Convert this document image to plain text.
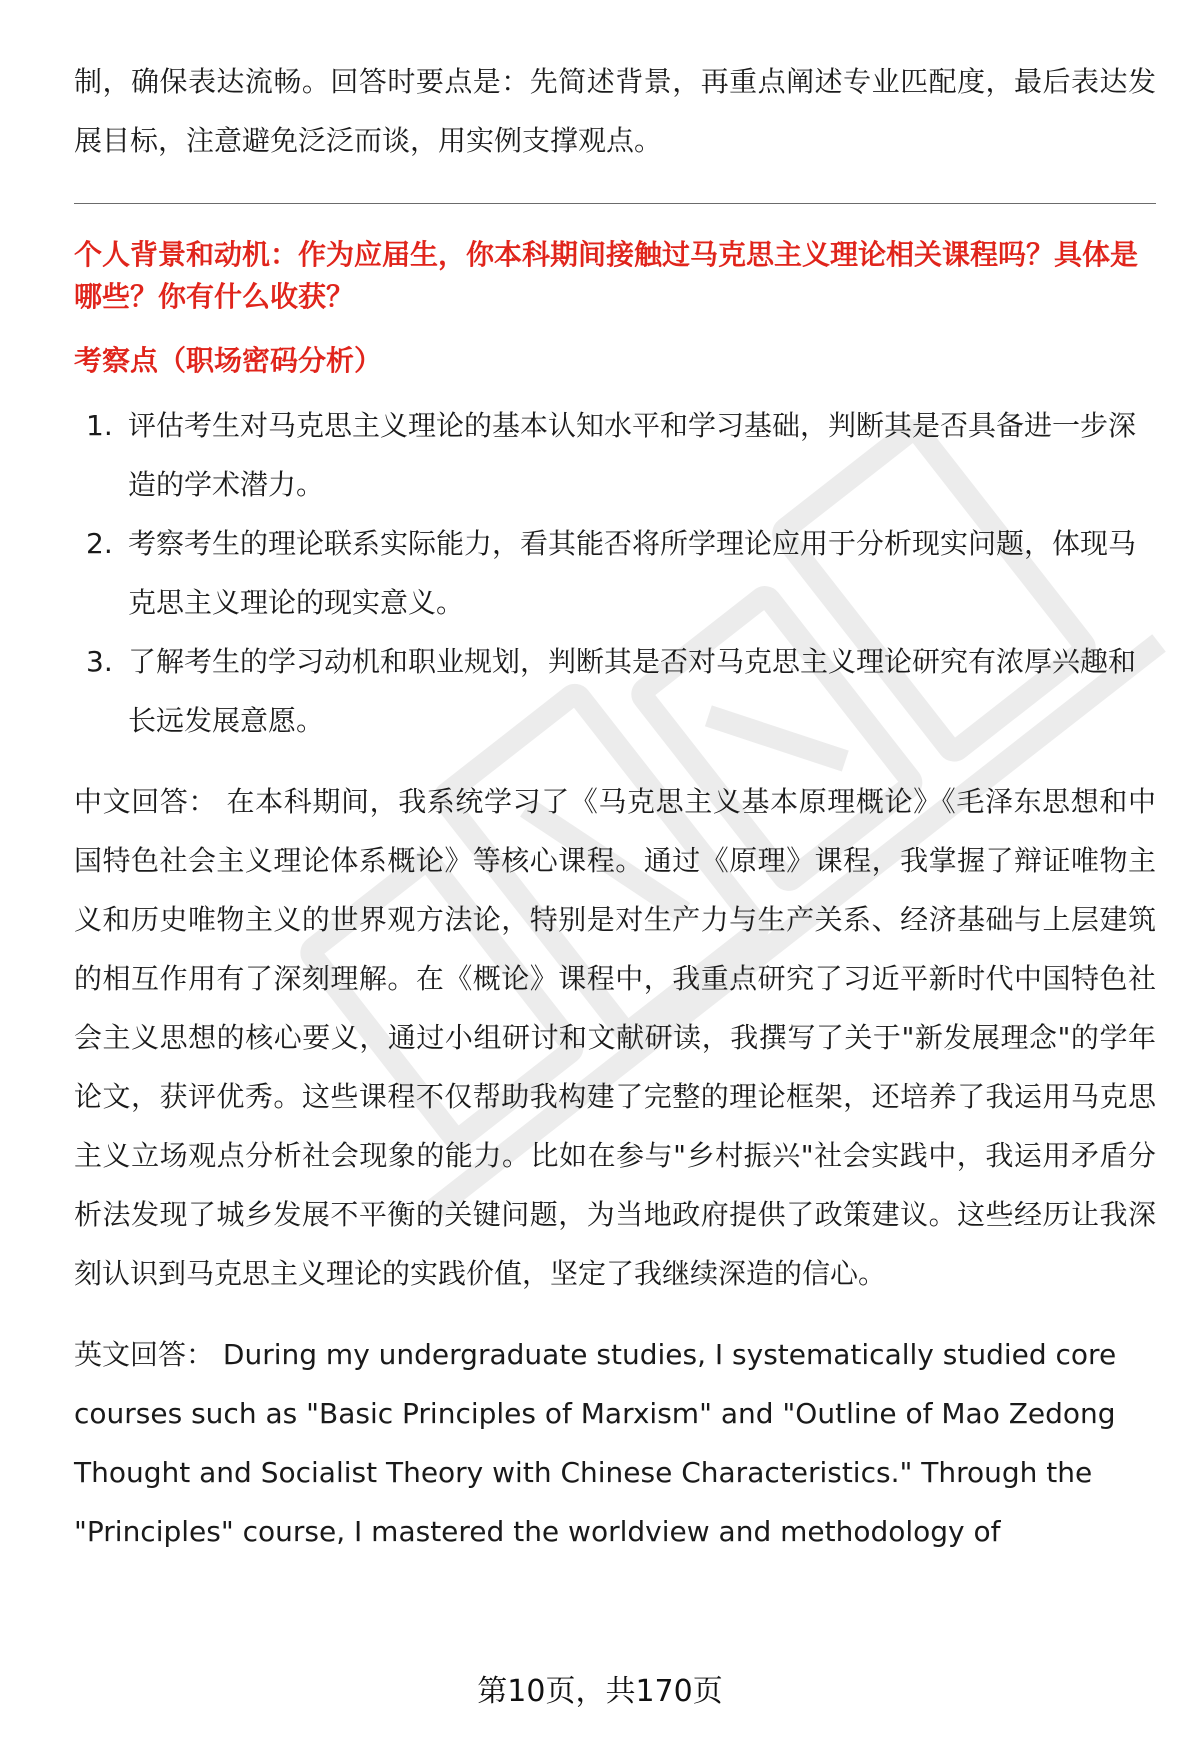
制，确保表达流畅。回答时要点是：先简述背景，再重点阐述专业匹配度，最后表达发展目标，注意避免泛泛而谈，用实例支撑观点。

个人背景和动机：作为应届生，你本科期间接触过马克思主义理论相关课程吗？具体是哪些？你有什么收获？

考察点（职场密码分析）

1. 评估考生对马克思主义理论的基本认知水平和学习基础，判断其是否具备进一步深造的学术潜力。
2. 考察考生的理论联系实际能力，看其能否将所学理论应用于分析现实问题，体现马克思主义理论的现实意义。
3. 了解考生的学习动机和职业规划，判断其是否对马克思主义理论研究有浓厚兴趣和长远发展意愿。

中文回答： 在本科期间，我系统学习了《马克思主义基本原理概论》《毛泽东思想和中国特色社会主义理论体系概论》等核心课程。通过《原理》课程，我掌握了辩证唯物主义和历史唯物主义的世界观方法论，特别是对生产力与生产关系、经济基础与上层建筑的相互作用有了深刻理解。在《概论》课程中，我重点研究了习近平新时代中国特色社会主义思想的核心要义，通过小组研讨和文献研读，我撰写了关于"新发展理念"的学年论文，获评优秀。这些课程不仅帮助我构建了完整的理论框架，还培养了我运用马克思主义立场观点分析社会现象的能力。比如在参与"乡村振兴"社会实践中，我运用矛盾分析法发现了城乡发展不平衡的关键问题，为当地政府提供了政策建议。这些经历让我深刻认识到马克思主义理论的实践价值，坚定了我继续深造的信心。

英文回答： During my undergraduate studies, I systematically studied core courses such as "Basic Principles of Marxism" and "Outline of Mao Zedong Thought and Socialist Theory with Chinese Characteristics." Through the "Principles" course, I mastered the worldview and methodology of

第10页，共170页
